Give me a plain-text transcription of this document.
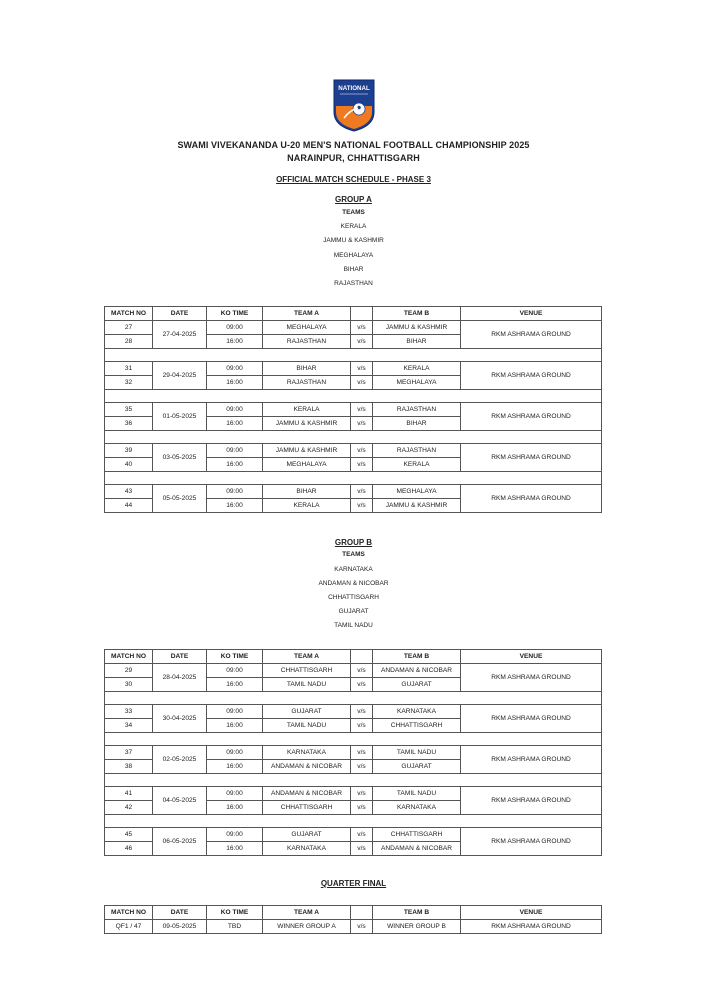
NATIONAL
SWAMI VIVEKANANDA U-20 MEN'S NATIONAL FOOTBALL CHAMPIONSHIP 2025
NARAINPUR, CHHATTISGARH
OFFICIAL MATCH SCHEDULE - PHASE 3
GROUP A
TEAMS
KERALA
JAMMU & KASHMIR
MEGHALAYA
BIHAR
RAJASTHAN
MATCH NO	DATE	KO TIME	TEAM A		TEAM B	VENUE
27	27-04-2025	09:00	MEGHALAYA	v/s	JAMMU & KASHMIR	RKM ASHRAMA GROUND
28		16:00	RAJASTHAN	v/s	BIHAR	

31	29-04-2025	09:00	BIHAR	v/s	KERALA	RKM ASHRAMA GROUND
32		16:00	RAJASTHAN	v/s	MEGHALAYA	

35	01-05-2025	09:00	KERALA	v/s	RAJASTHAN	RKM ASHRAMA GROUND
36		16:00	JAMMU & KASHMIR	v/s	BIHAR	

39	03-05-2025	09:00	JAMMU & KASHMIR	v/s	RAJASTHAN	RKM ASHRAMA GROUND
40		16:00	MEGHALAYA	v/s	KERALA	

43	05-05-2025	09:00	BIHAR	v/s	MEGHALAYA	RKM ASHRAMA GROUND
44		16:00	KERALA	v/s	JAMMU & KASHMIR	
GROUP B
TEAMS
KARNATAKA
ANDAMAN & NICOBAR
CHHATTISGARH
GUJARAT
TAMIL NADU
MATCH NO	DATE	KO TIME	TEAM A		TEAM B	VENUE
29	28-04-2025	09:00	CHHATTISGARH	v/s	ANDAMAN & NICOBAR	RKM ASHRAMA GROUND
30		16:00	TAMIL NADU	v/s	GUJARAT	

33	30-04-2025	09:00	GUJARAT	v/s	KARNATAKA	RKM ASHRAMA GROUND
34		16:00	TAMIL NADU	v/s	CHHATTISGARH	

37	02-05-2025	09:00	KARNATAKA	v/s	TAMIL NADU	RKM ASHRAMA GROUND
38		16:00	ANDAMAN & NICOBAR	v/s	GUJARAT	

41	04-05-2025	09:00	ANDAMAN & NICOBAR	v/s	TAMIL NADU	RKM ASHRAMA GROUND
42		16:00	CHHATTISGARH	v/s	KARNATAKA	

45	06-05-2025	09:00	GUJARAT	v/s	CHHATTISGARH	RKM ASHRAMA GROUND
46		16:00	KARNATAKA	v/s	ANDAMAN & NICOBAR	
QUARTER FINAL
MATCH NO	DATE	KO TIME	TEAM A		TEAM B	VENUE
QF1 / 47	09-05-2025	TBD	WINNER GROUP A	v/s	WINNER GROUP B	RKM ASHRAMA GROUND
